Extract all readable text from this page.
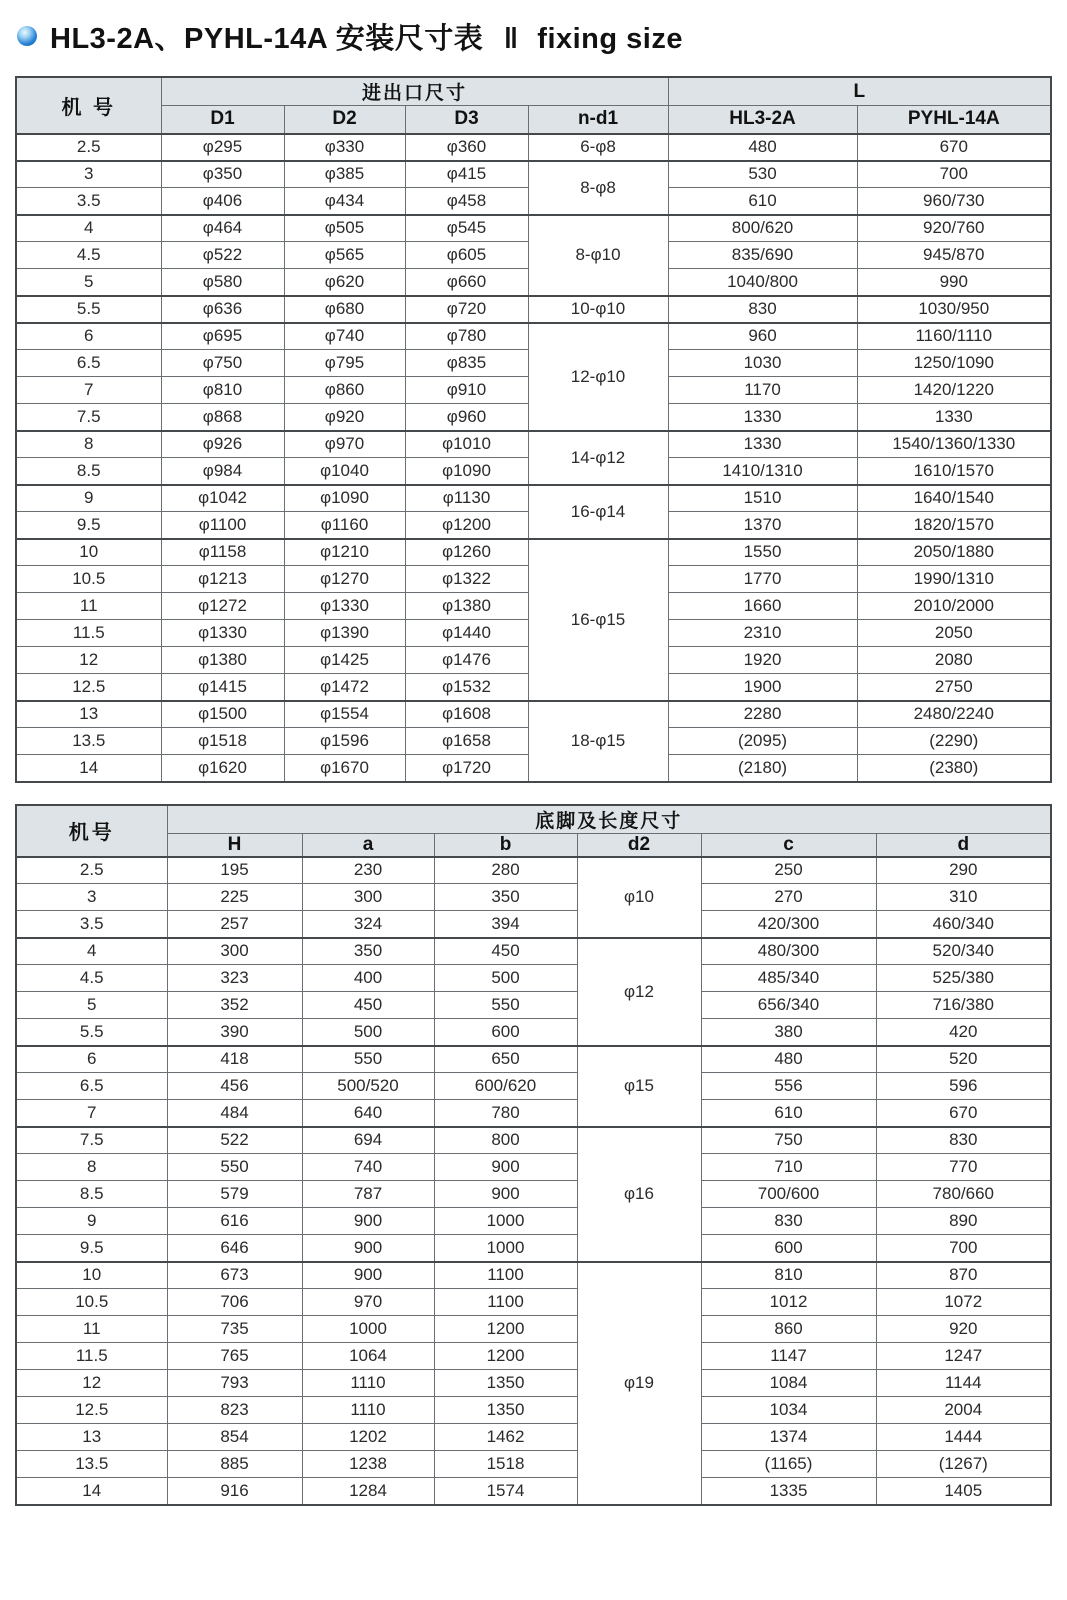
HL3-2A、PYHL-14A 安装尺寸表 ‖ fixing size
机 号	进出口尺寸				L	
	D1	D2	D3	n-d1	HL3-2A	PYHL-14A
2.5	φ295	φ330	φ360	6-φ8	480	670
3	φ350	φ385	φ415	8-φ8	530	700
3.5	φ406	φ434	φ458		610	960/730
4	φ464	φ505	φ545	8-φ10	800/620	920/760
4.5	φ522	φ565	φ605		835/690	945/870
5	φ580	φ620	φ660		1040/800	990
5.5	φ636	φ680	φ720	10-φ10	830	1030/950
6	φ695	φ740	φ780	12-φ10	960	1160/1110
6.5	φ750	φ795	φ835		1030	1250/1090
7	φ810	φ860	φ910		1170	1420/1220
7.5	φ868	φ920	φ960		1330	1330
8	φ926	φ970	φ1010	14-φ12	1330	1540/1360/1330
8.5	φ984	φ1040	φ1090		1410/1310	1610/1570
9	φ1042	φ1090	φ1130	16-φ14	1510	1640/1540
9.5	φ1100	φ1160	φ1200		1370	1820/1570
10	φ1158	φ1210	φ1260	16-φ15	1550	2050/1880
10.5	φ1213	φ1270	φ1322		1770	1990/1310
11	φ1272	φ1330	φ1380		1660	2010/2000
11.5	φ1330	φ1390	φ1440		2310	2050
12	φ1380	φ1425	φ1476		1920	2080
12.5	φ1415	φ1472	φ1532		1900	2750
13	φ1500	φ1554	φ1608	18-φ15	2280	2480/2240
13.5	φ1518	φ1596	φ1658		(2095)	(2290)
14	φ1620	φ1670	φ1720		(2180)	(2380)
机号	底脚及长度尺寸					
	H	a	b	d2	c	d
2.5	195	230	280	φ10	250	290
3	225	300	350		270	310
3.5	257	324	394		420/300	460/340
4	300	350	450	φ12	480/300	520/340
4.5	323	400	500		485/340	525/380
5	352	450	550		656/340	716/380
5.5	390	500	600		380	420
6	418	550	650	φ15	480	520
6.5	456	500/520	600/620		556	596
7	484	640	780		610	670
7.5	522	694	800	φ16	750	830
8	550	740	900		710	770
8.5	579	787	900		700/600	780/660
9	616	900	1000		830	890
9.5	646	900	1000		600	700
10	673	900	1100	φ19	810	870
10.5	706	970	1100		1012	1072
11	735	1000	1200		860	920
11.5	765	1064	1200		1147	1247
12	793	1110	1350		1084	1144
12.5	823	1110	1350		1034	2004
13	854	1202	1462		1374	1444
13.5	885	1238	1518		(1165)	(1267)
14	916	1284	1574		1335	1405
